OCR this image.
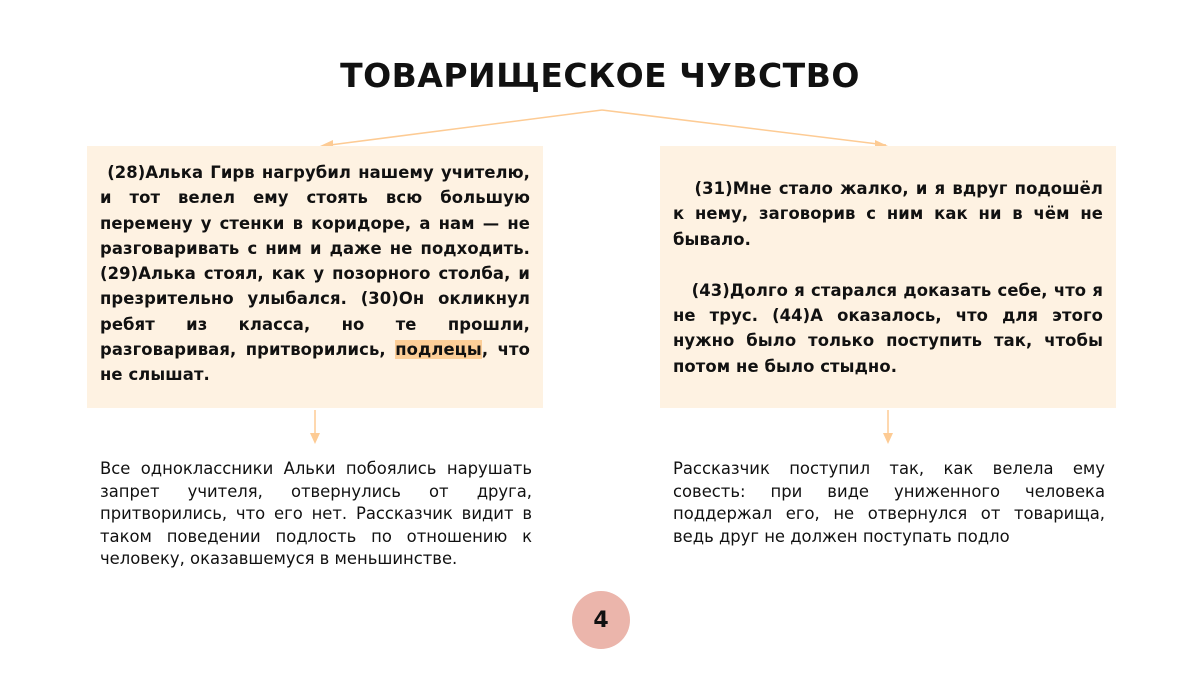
ТОВАРИЩЕСКОЕ ЧУВСТВО

(28)Алька Гирв нагрубил нашему учителю, и тот велел ему стоять всю большую перемену у стенки в коридоре, а нам — не разговаривать с ним и даже не подходить. (29)Алька стоял, как у позорного столба, и презрительно улыбался. (30)Он окликнул ребят из класса, но те прошли, разговаривая, притворились, подлецы, что не слышат.

(31)Мне стало жалко, и я вдруг подошёл к нему, заговорив с ним как ни в чём не бывало.

(43)Долго я старался доказать себе, что я не трус. (44)А оказалось, что для этого нужно было только поступить так, чтобы потом не было стыдно.

Все одноклассники Альки побоялись нарушать запрет учителя, отвернулись от друга, притворились, что его нет. Рассказчик видит в таком поведении подлость по отношению к человеку, оказавшемуся в меньшинстве.
Рассказчик поступил так, как велела ему совесть: при виде униженного человека поддержал его, не отвернулся от товарища, ведь друг не должен поступать подло
4
